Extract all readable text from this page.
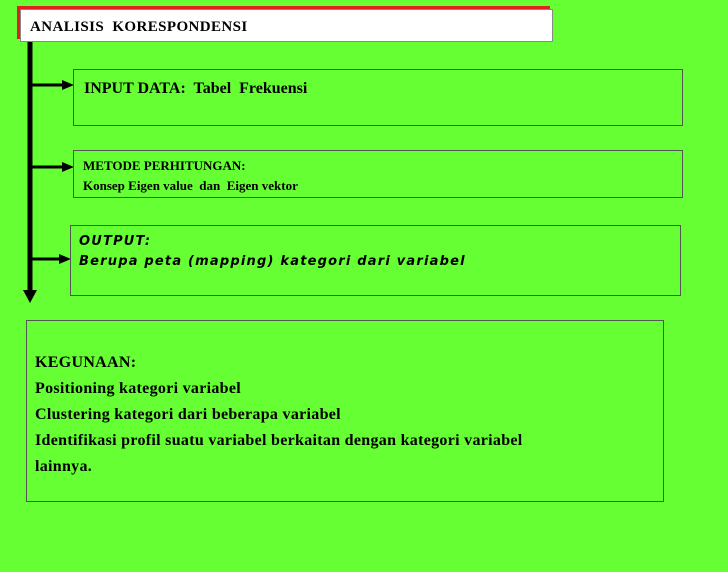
ANALISIS  KORESPONDENSI
INPUT DATA:  Tabel  Frekuensi
METODE PERHITUNGAN:
Konsep Eigen value  dan  Eigen vektor
OUTPUT:
Berupa peta (mapping) kategori dari variabel
KEGUNAAN:
Positioning kategori variabel
Clustering kategori dari beberapa variabel
Identifikasi profil suatu variabel berkaitan dengan kategori variabel
lainnya.
